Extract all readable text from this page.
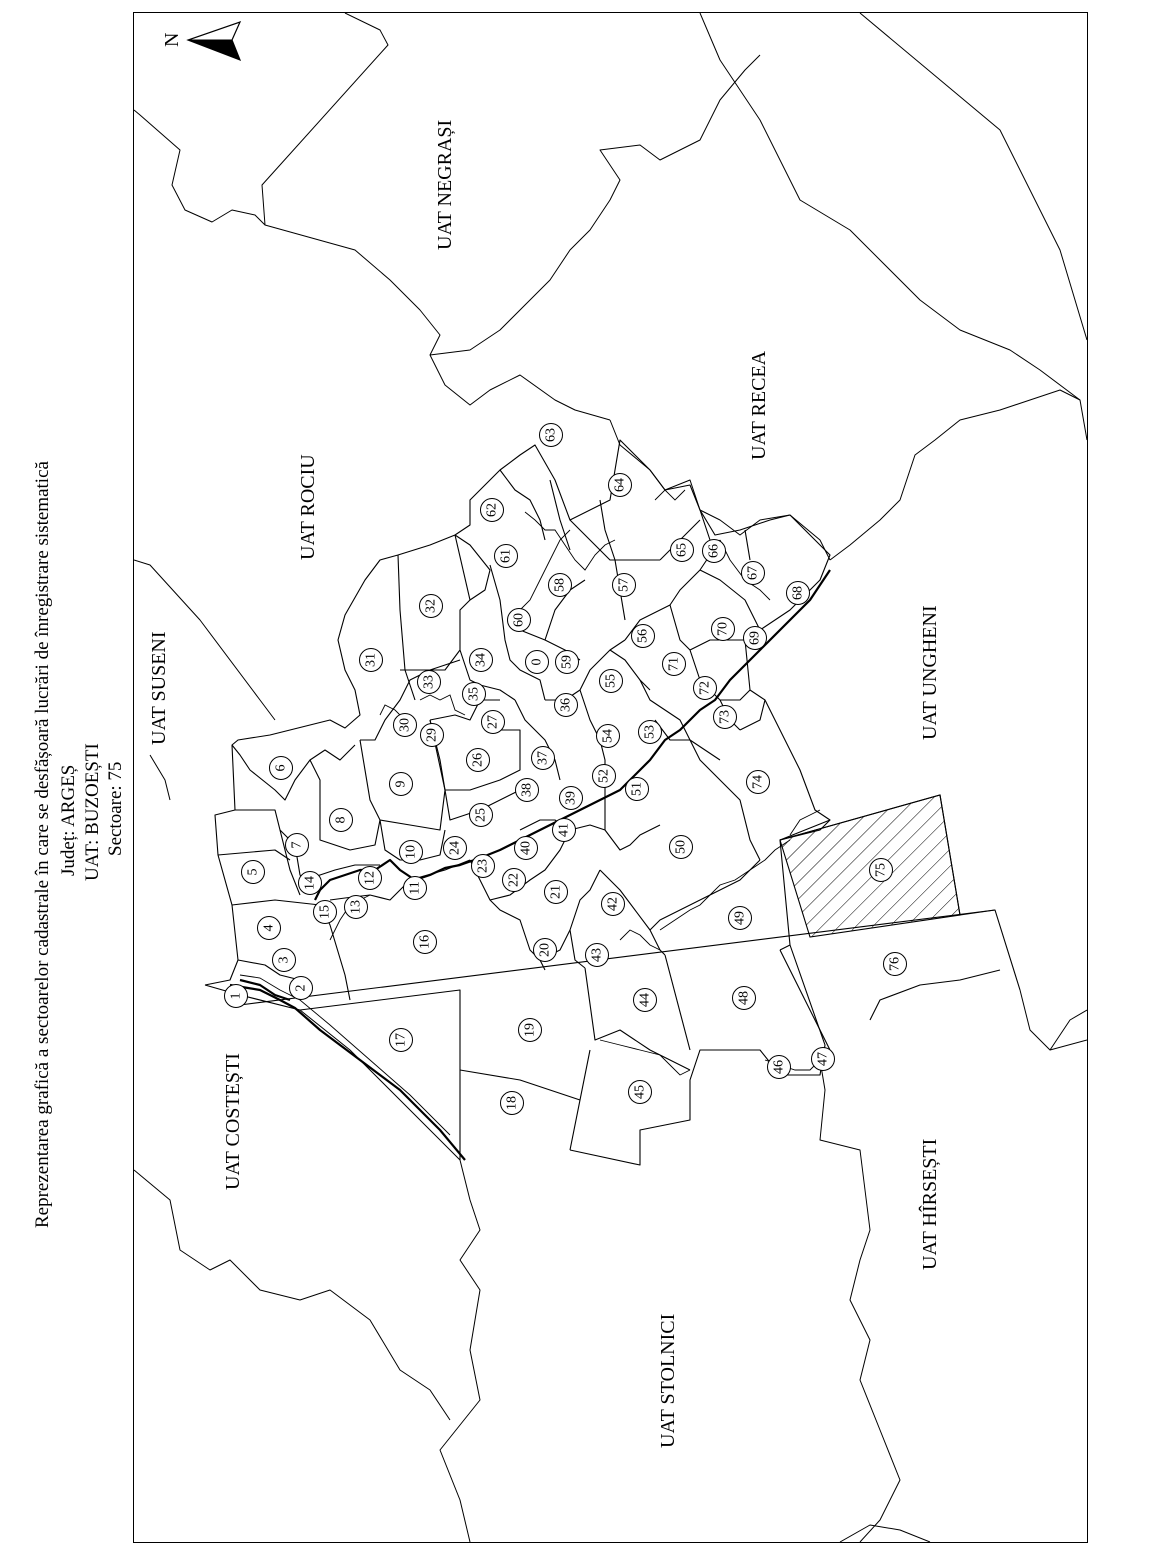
Reprezentarea grafică a sectoarelor cadastrale în care se desfășoară lucrări de înregistrare sistematică Județ: ARGEȘ UAT: BUZOEȘTI Sectoare: 75
N
UAT NEGRAȘI
UAT ROCIU
UAT RECEA
UAT SUSENI	UAT UNGHENI
UAT COSTEȘTI
UAT STOLNICI
UAT HÎRSEȘTI
1
2
3
4
5
6
7
8
9
10
11
12
13
14
15
16
17
18
19
20
21
22
23
24
25
26
27
29
30
31
32
33
34
35
36
37
38
39
40
41
42
43
44
45
46
47
48
49
50
51
52
53
54
55
56
57
58
59
0
60
61
62
63
64
65 66
67
68
69
70
71
72
73
74
75
76
